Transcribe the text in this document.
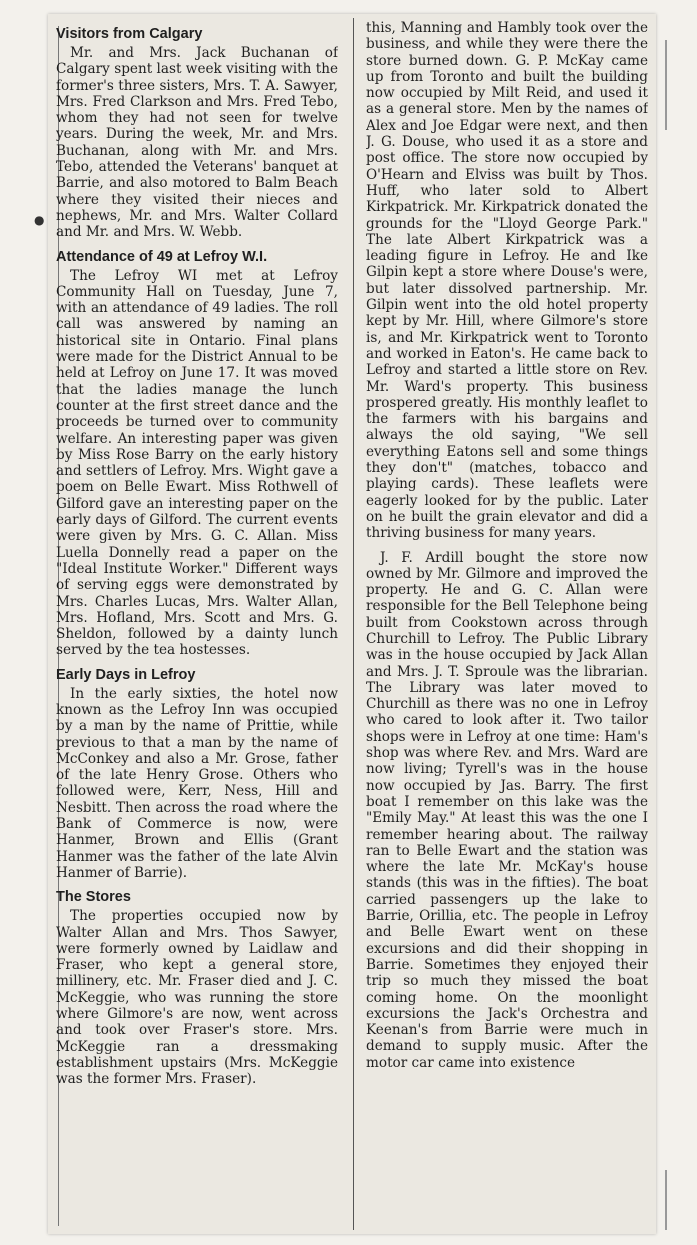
Visitors from Calgary

Mr. and Mrs. Jack Buchanan of Calgary spent last week visiting with the former's three sisters, Mrs. T. A. Sawyer, Mrs. Fred Clarkson and Mrs. Fred Tebo, whom they had not seen for twelve years. During the week, Mr. and Mrs. Buchanan, along with Mr. and Mrs. Tebo, attended the Veterans' banquet at Barrie, and also motored to Balm Beach where they visited their nieces and nephews, Mr. and Mrs. Walter Collard and Mr. and Mrs. W. Webb.

Attendance of 49 at Lefroy W.I.

The Lefroy WI met at Lefroy Community Hall on Tuesday, June 7, with an attendance of 49 ladies. The roll call was answered by naming an historical site in Ontario. Final plans were made for the District Annual to be held at Lefroy on June 17. It was moved that the ladies manage the lunch counter at the first street dance and the proceeds be turned over to community welfare. An interesting paper was given by Miss Rose Barry on the early history and settlers of Lefroy. Mrs. Wight gave a poem on Belle Ewart. Miss Rothwell of Gilford gave an interesting paper on the early days of Gilford. The current events were given by Mrs. G. C. Allan. Miss Luella Donnelly read a paper on the "Ideal Institute Worker." Different ways of serving eggs were demonstrated by Mrs. Charles Lucas, Mrs. Walter Allan, Mrs. Hofland, Mrs. Scott and Mrs. G. Sheldon, followed by a dainty lunch served by the tea hostesses.

Early Days in Lefroy

In the early sixties, the hotel now known as the Lefroy Inn was occupied by a man by the name of Prittie, while previous to that a man by the name of McConkey and also a Mr. Grose, father of the late Henry Grose. Others who followed were, Kerr, Ness, Hill and Nesbitt. Then across the road where the Bank of Commerce is now, were Hanmer, Brown and Ellis (Grant Hanmer was the father of the late Alvin Hanmer of Barrie).

The Stores

The properties occupied now by Walter Allan and Mrs. Thos Sawyer, were formerly owned by Laidlaw and Fraser, who kept a general store, millinery, etc. Mr. Fraser died and J. C. McKeggie, who was running the store where Gilmore's are now, went across and took over Fraser's store. Mrs. McKeggie ran a dressmaking establishment upstairs (Mrs. McKeggie was the former Mrs. Fraser).

this, Manning and Hambly took over the business, and while they were there the store burned down. G. P. McKay came up from Toronto and built the building now occupied by Milt Reid, and used it as a general store. Men by the names of Alex and Joe Edgar were next, and then J. G. Douse, who used it as a store and post office. The store now occupied by O'Hearn and Elviss was built by Thos. Huff, who later sold to Albert Kirkpatrick. Mr. Kirkpatrick donated the grounds for the "Lloyd George Park." The late Albert Kirkpatrick was a leading figure in Lefroy. He and Ike Gilpin kept a store where Douse's were, but later dissolved partnership. Mr. Gilpin went into the old hotel property kept by Mr. Hill, where Gilmore's store is, and Mr. Kirkpatrick went to Toronto and worked in Eaton's. He came back to Lefroy and started a little store on Rev. Mr. Ward's property. This business prospered greatly. His monthly leaflet to the farmers with his bargains and always the old saying, "We sell everything Eatons sell and some things they don't" (matches, tobacco and playing cards). These leaflets were eagerly looked for by the public. Later on he built the grain elevator and did a thriving business for many years.

J. F. Ardill bought the store now owned by Mr. Gilmore and improved the property. He and G. C. Allan were responsible for the Bell Telephone being built from Cookstown across through Churchill to Lefroy. The Public Library was in the house occupied by Jack Allan and Mrs. J. T. Sproule was the librarian. The Library was later moved to Churchill as there was no one in Lefroy who cared to look after it. Two tailor shops were in Lefroy at one time: Ham's shop was where Rev. and Mrs. Ward are now living; Tyrell's was in the house now occupied by Jas. Barry. The first boat I remember on this lake was the "Emily May." At least this was the one I remember hearing about. The railway ran to Belle Ewart and the station was where the late Mr. McKay's house stands (this was in the fifties). The boat carried passengers up the lake to Barrie, Orillia, etc. The people in Lefroy and Belle Ewart went on these excursions and did their shopping in Barrie. Sometimes they enjoyed their trip so much they missed the boat coming home. On the moonlight excursions the Jack's Orchestra and Keenan's from Barrie were much in demand to supply music. After the motor car came into existence

●
